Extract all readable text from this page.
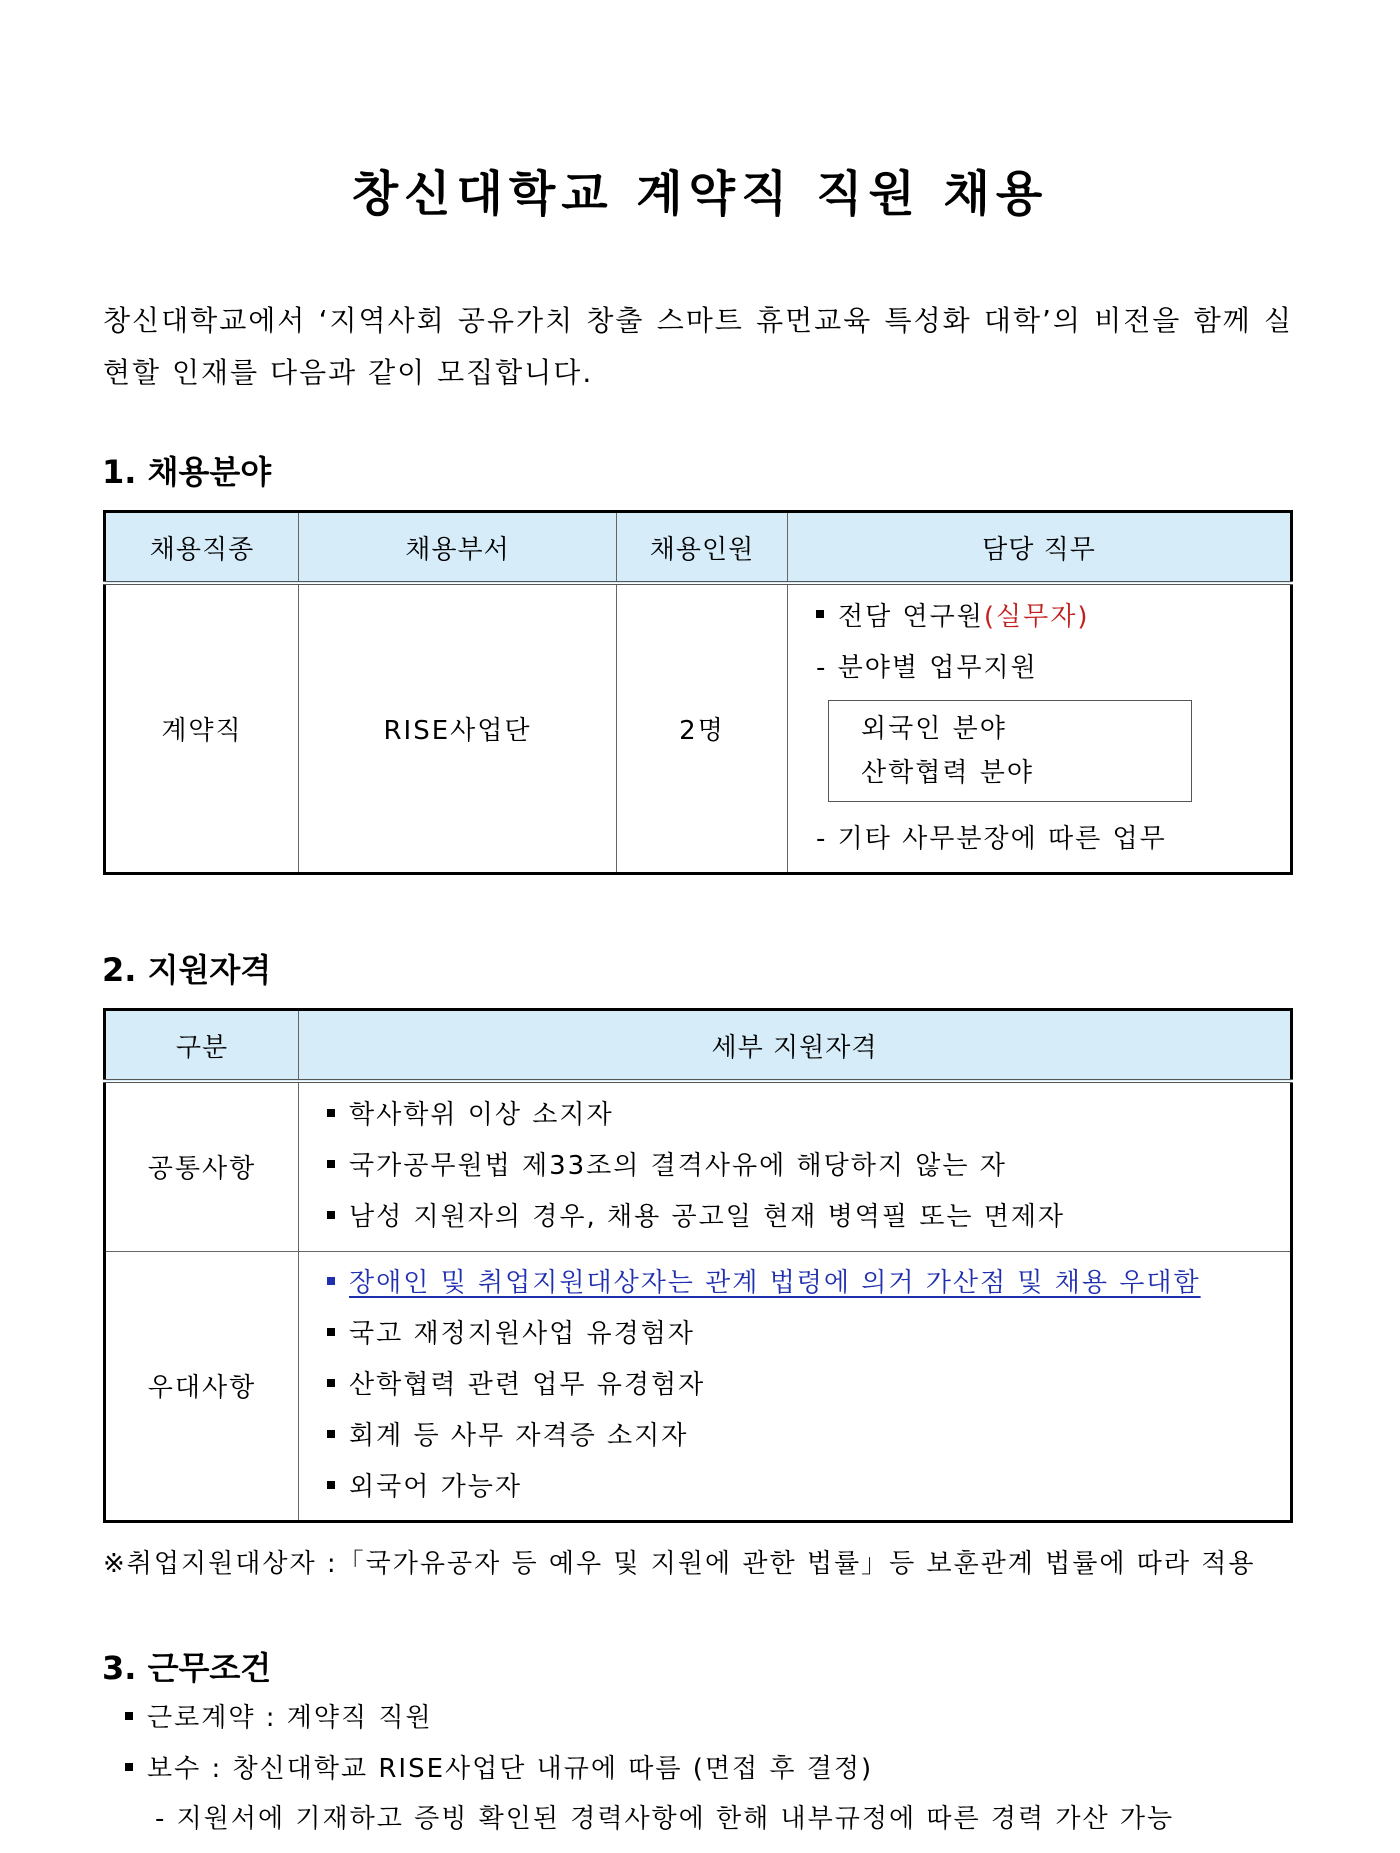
창신대학교 계약직 직원 채용

창신대학교에서 ‘지역사회 공유가치 창출 스마트 휴먼교육 특성화 대학’의 비전을 함께 실현할 인재를 다음과 같이 모집합니다.

1. 채용분야
채용직종	채용부서	채용인원	담당 직무
계약직	RISE사업단	2명	전담 연구원(실무자)
- 분야별 업무지원
외국인 분야
산학협력 분야
- 기타 사무분장에 따른 업무
2. 지원자격
구분	세부 지원자격
공통사항	학사학위 이상 소지자
국가공무원법 제33조의 결격사유에 해당하지 않는 자
남성 지원자의 경우, 채용 공고일 현재 병역필 또는 면제자

우대사항	장애인 및 취업지원대상자는 관계 법령에 의거 가산점 및 채용 우대함
국고 재정지원사업 유경험자
산학협력 관련 업무 유경험자
회계 등 사무 자격증 소지자
외국어 가능자

※취업지원대상자 :「국가유공자 등 예우 및 지원에 관한 법률」등 보훈관계 법률에 따라 적용

3. 근무조건

근로계약 : 계약직 직원

보수 : 창신대학교 RISE사업단 내규에 따름 (면접 후 결정)

- 지원서에 기재하고 증빙 확인된 경력사항에 한해 내부규정에 따른 경력 가산 가능
